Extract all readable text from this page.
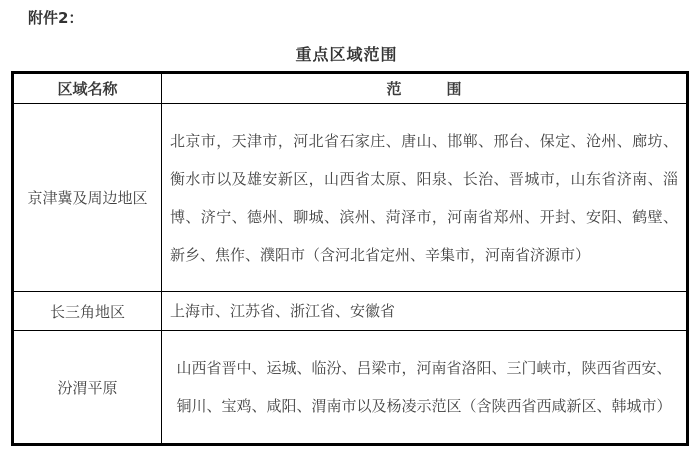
附件2：
重点区域范围
区域名称	范　　　围
京津冀及周边地区	北京市，天津市，河北省石家庄、唐山、邯郸、邢台、保定、沧州、廊坊、衡水市以及雄安新区，山西省太原、阳泉、长治、晋城市，山东省济南、淄博、济宁、德州、聊城、滨州、菏泽市，河南省郑州、开封、安阳、鹤壁、新乡、焦作、濮阳市（含河北省定州、辛集市，河南省济源市）
长三角地区	上海市、江苏省、浙江省、安徽省
汾渭平原	山西省晋中、运城、临汾、吕梁市，河南省洛阳、三门峡市，陕西省西安、铜川、宝鸡、咸阳、渭南市以及杨凌示范区（含陕西省西咸新区、韩城市）
